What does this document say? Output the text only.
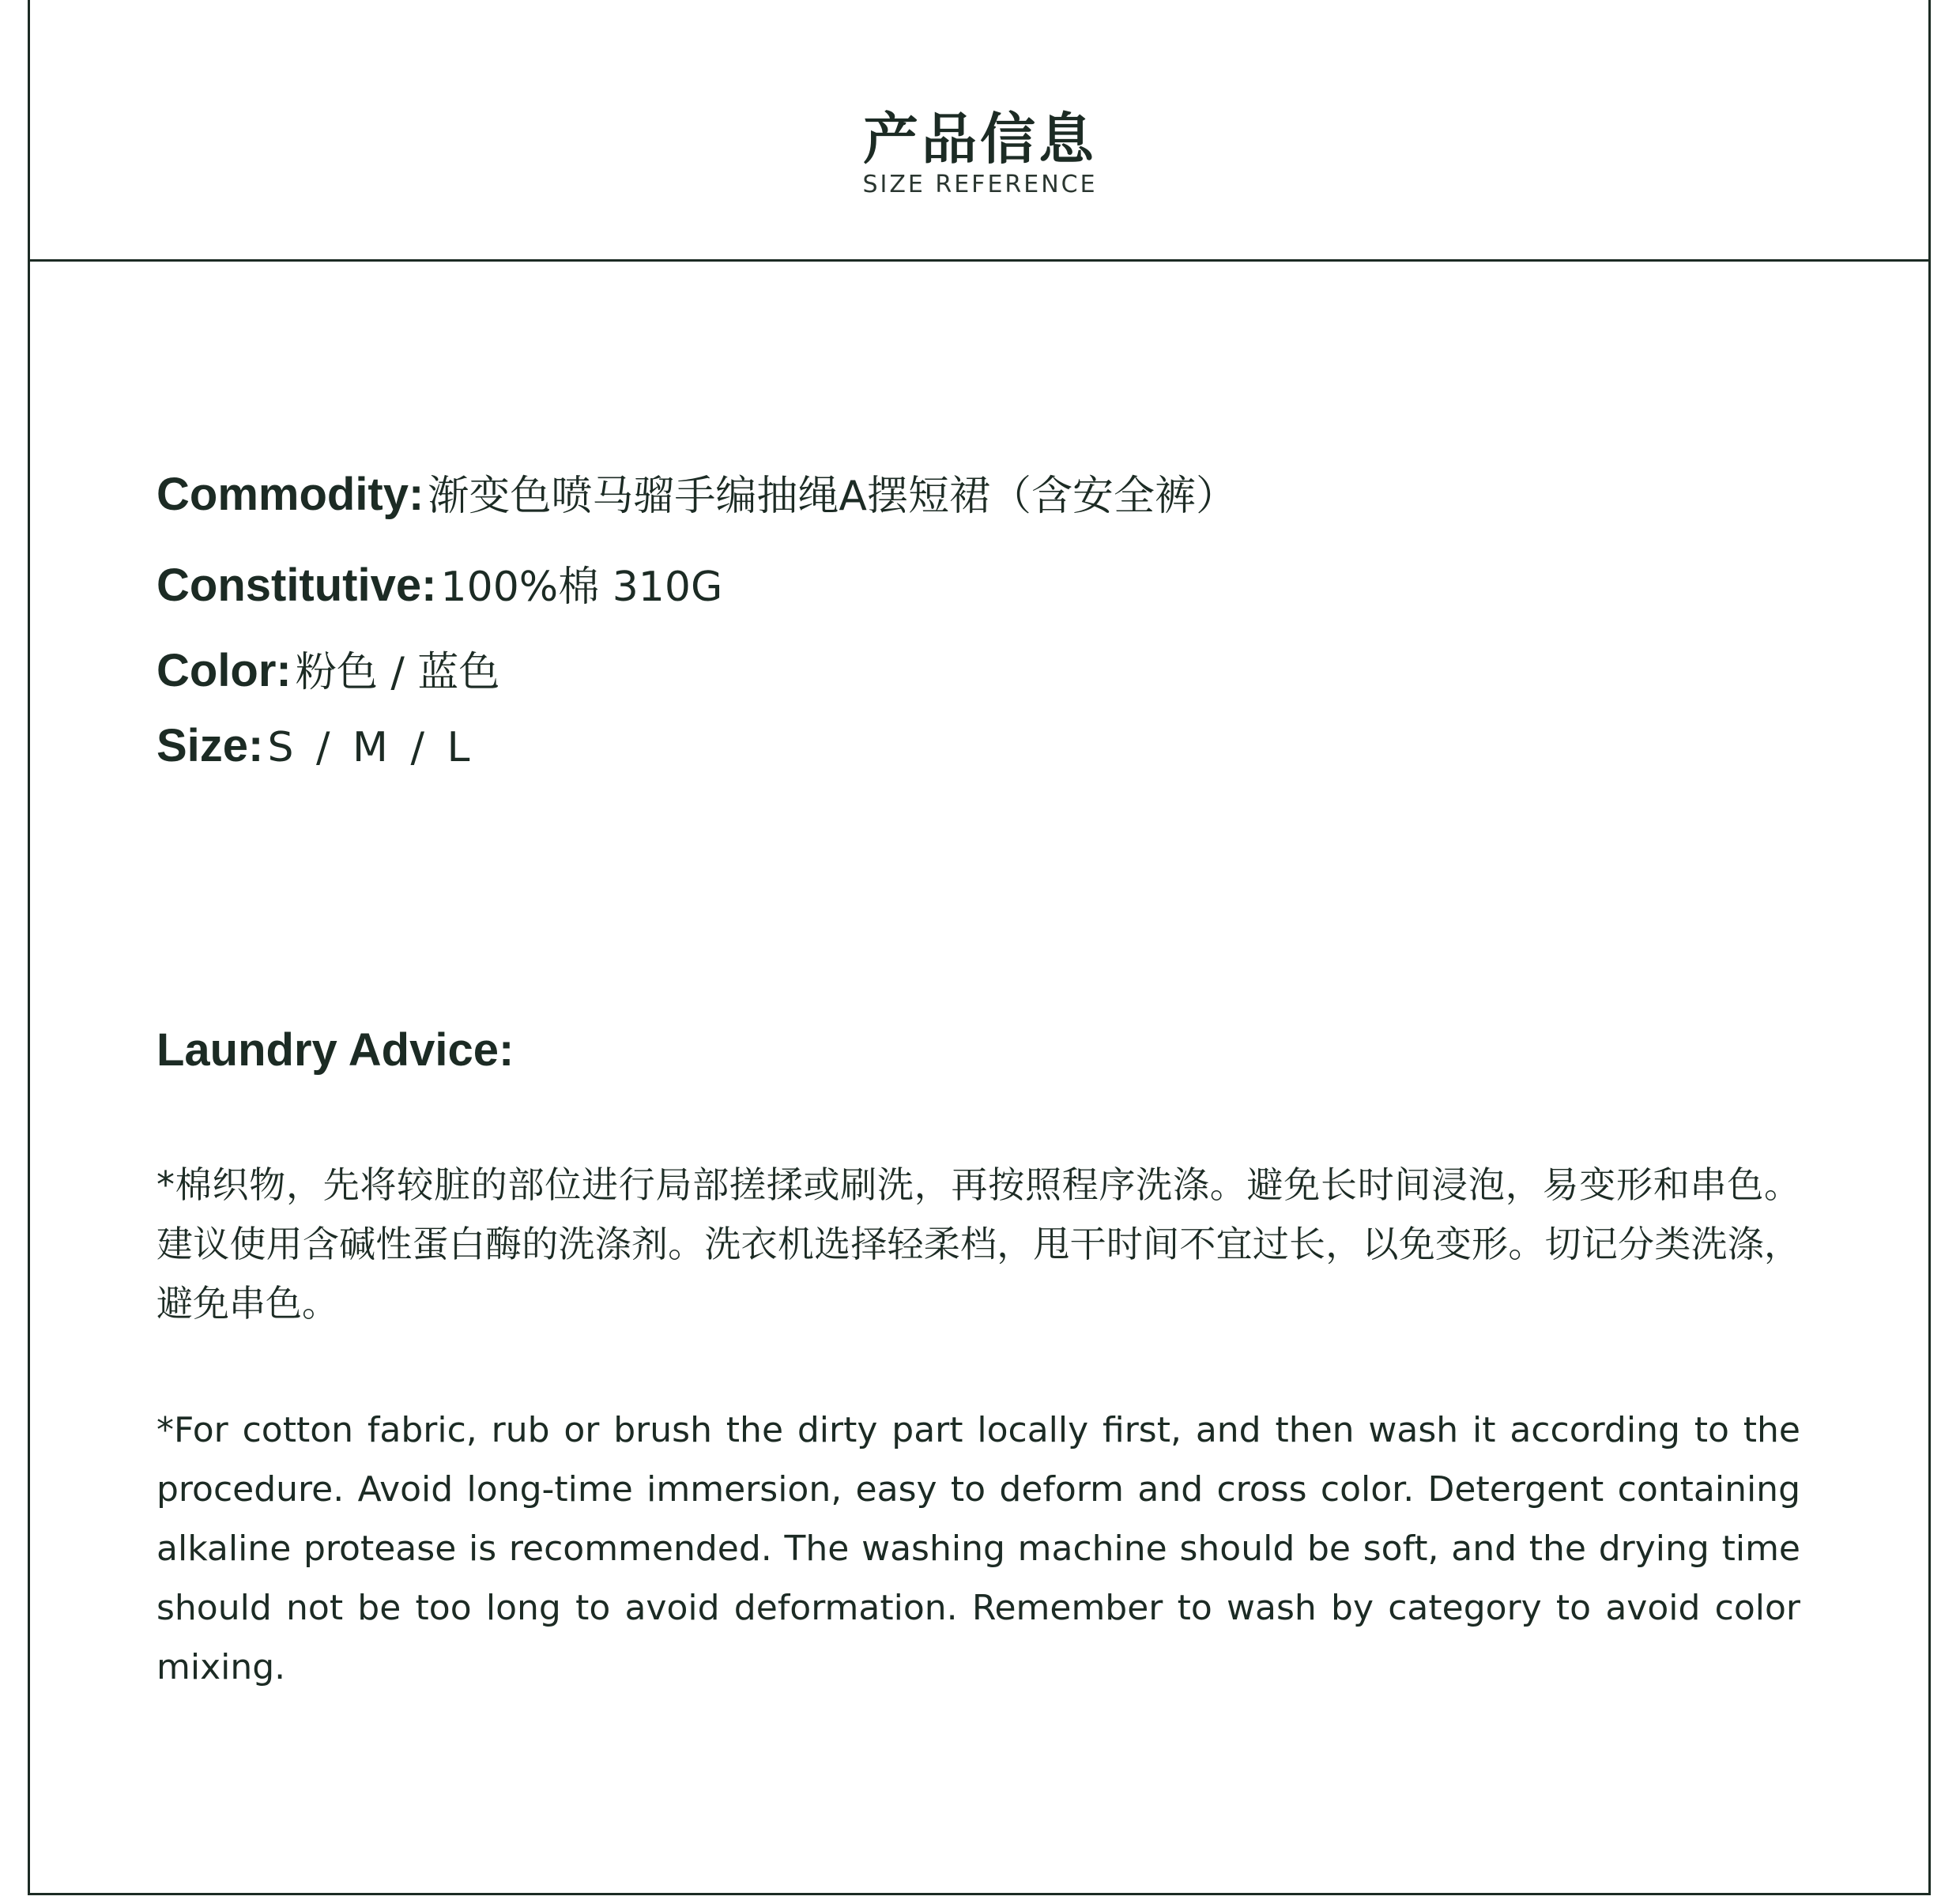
产品信息
SIZE REFERENCE
Commodity: 渐变色喷马骝手编抽绳A摆短裙（含安全裤）
Constitutive: 100%棉 310G
Color: 粉色 / 蓝色
Size: S / M / L
Laundry Advice:
*棉织物，先将较脏的部位进行局部搓揉或刷洗，再按照程序洗涤。避免长时间浸泡，易变形和串色。建议使用含碱性蛋白酶的洗涤剂。洗衣机选择轻柔档，甩干时间不宜过长，以免变形。切记分类洗涤，避免串色。
*For cotton fabric, rub or brush the dirty part locally first, and then wash it according to the procedure. Avoid long-time immersion, easy to deform and cross color. Detergent containing alkaline protease is recommended. The washing machine should be soft, and the drying time should not be too long to avoid deformation. Remember to wash by category to avoid color mixing.
